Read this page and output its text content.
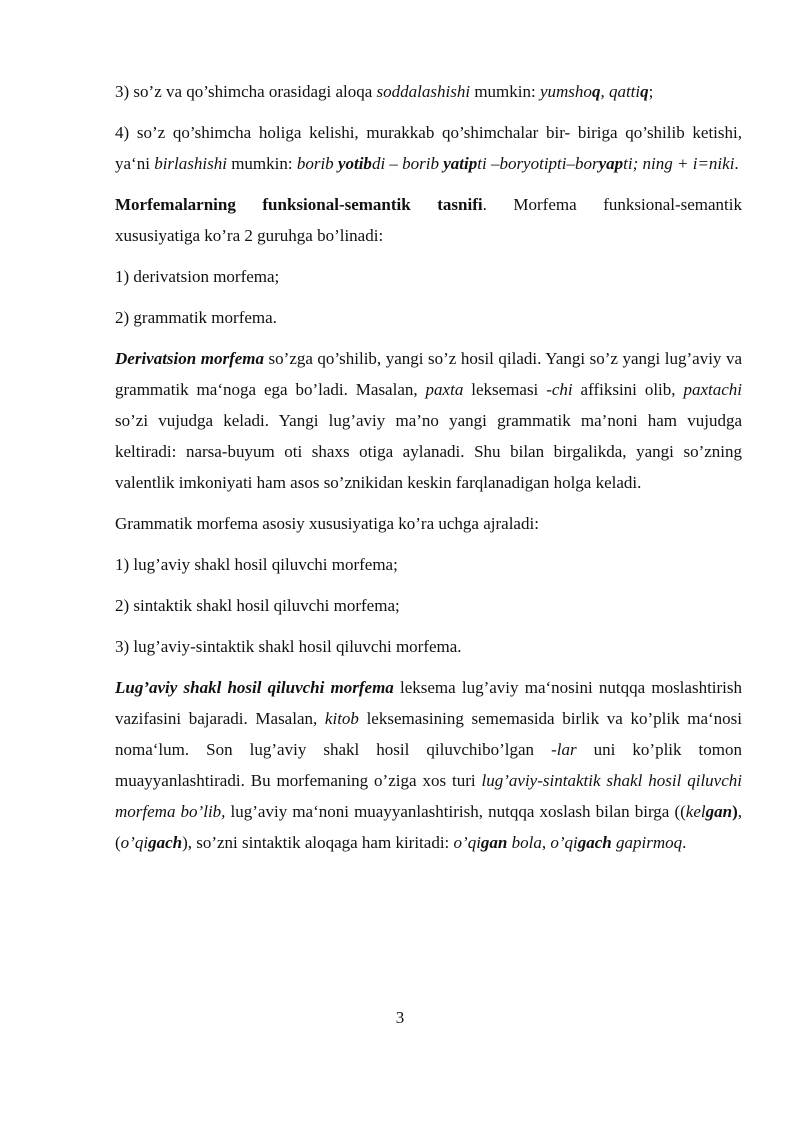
3) so’z va qo’shimcha orasidagi aloqa soddalashishi mumkin: yumshoq, qattiq;

4) so’z qo’shimcha holiga kelishi, murakkab qo’shimchalar bir- biriga qo’shilib ketishi, ya‘ni birlashishi mumkin: borib yotibdi – borib yatipti –boryotipti–boryapti; ning + i=niki.

Morfemalarning funksional-semantik tasnifi. Morfema funksional-semantik xususiyatiga ko’ra 2 guruhga bo’linadi:

1) derivatsion morfema;

2) grammatik morfema.

Derivatsion morfema so’zga qo’shilib, yangi so’z hosil qiladi. Yangi so’z yangi lug’aviy va grammatik ma‘noga ega bo’ladi. Masalan, paxta leksemasi -chi affiksini olib, paxtachi so’zi vujudga keladi. Yangi lug’aviy ma’no yangi grammatik ma’noni ham vujudga keltiradi: narsa-buyum oti shaxs otiga aylanadi. Shu bilan birgalikda, yangi so’zning valentlik imkoniyati ham asos so’znikidan keskin farqlanadigan holga keladi.

Grammatik morfema asosiy xususiyatiga ko’ra uchga ajraladi:

1) lug’aviy shakl hosil qiluvchi morfema;

2) sintaktik shakl hosil qiluvchi morfema;

3) lug’aviy-sintaktik shakl hosil qiluvchi morfema.

Lug’aviy shakl hosil qiluvchi morfema leksema lug’aviy ma‘nosini nutqqa moslashtirish vazifasini bajaradi. Masalan, kitob leksemasining sememasida birlik va ko’plik ma‘nosi noma‘lum. Son lug’aviy shakl hosil qiluvchibo’lgan -lar uni ko’plik tomon muayyanlashtiradi. Bu morfemaning o’ziga xos turi lug’aviy-sintaktik shakl hosil qiluvchi morfema bo’lib, lug’aviy ma‘noni muayyanlashtirish, nutqqa xoslash bilan birga ((kelgan), (o’qigach), so’zni sintaktik aloqaga ham kiritadi: o’qigan bola, o’qigach gapirmoq.

3
